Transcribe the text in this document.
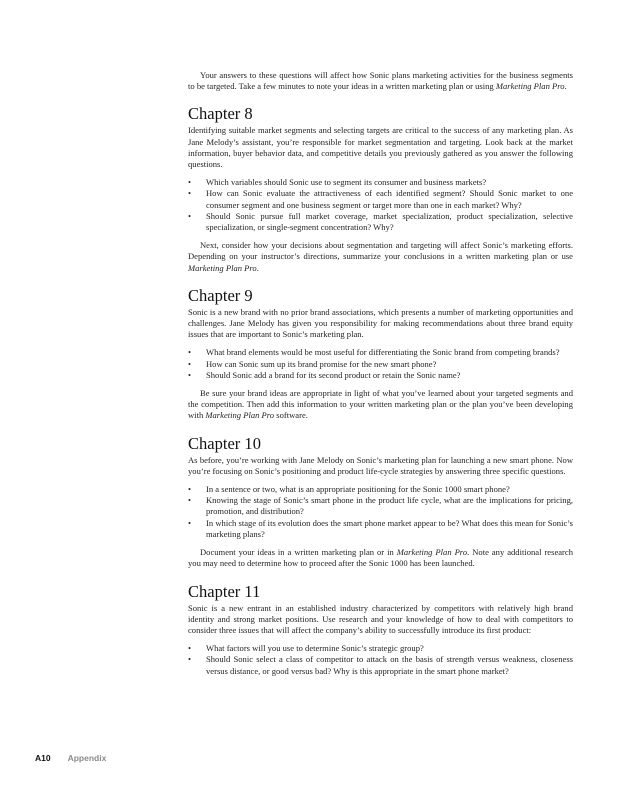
Your answers to these questions will affect how Sonic plans marketing activities for the business segments to be targeted. Take a few minutes to note your ideas in a written marketing plan or using Marketing Plan Pro.

Chapter 8

Identifying suitable market segments and selecting targets are critical to the success of any marketing plan. As Jane Melody’s assistant, you’re responsible for market segmentation and targeting. Look back at the market information, buyer behavior data, and competitive details you previously gathered as you answer the following questions.

• Which variables should Sonic use to segment its consumer and business markets?
• How can Sonic evaluate the attractiveness of each identified segment? Should Sonic market to one consumer segment and one business segment or target more than one in each market? Why?
• Should Sonic pursue full market coverage, market specialization, product specialization, selective specialization, or single-segment concentration? Why?

Next, consider how your decisions about segmentation and targeting will affect Sonic’s marketing efforts. Depending on your instructor’s directions, summarize your conclusions in a written marketing plan or use Marketing Plan Pro.

Chapter 9

Sonic is a new brand with no prior brand associations, which presents a number of marketing opportunities and challenges. Jane Melody has given you responsibility for making recommendations about three brand equity issues that are important to Sonic’s marketing plan.

• What brand elements would be most useful for differentiating the Sonic brand from competing brands?
• How can Sonic sum up its brand promise for the new smart phone?
• Should Sonic add a brand for its second product or retain the Sonic name?

Be sure your brand ideas are appropriate in light of what you’ve learned about your targeted segments and the competition. Then add this information to your written marketing plan or the plan you’ve been developing with Marketing Plan Pro software.

Chapter 10

As before, you’re working with Jane Melody on Sonic’s marketing plan for launching a new smart phone. Now you’re focusing on Sonic’s positioning and product life-cycle strategies by answering three specific questions.

• In a sentence or two, what is an appropriate positioning for the Sonic 1000 smart phone?
• Knowing the stage of Sonic’s smart phone in the product life cycle, what are the implications for pricing, promotion, and distribution?
• In which stage of its evolution does the smart phone market appear to be? What does this mean for Sonic’s marketing plans?

Document your ideas in a written marketing plan or in Marketing Plan Pro. Note any additional research you may need to determine how to proceed after the Sonic 1000 has been launched.

Chapter 11

Sonic is a new entrant in an established industry characterized by competitors with relatively high brand identity and strong market positions. Use research and your knowledge of how to deal with competitors to consider three issues that will affect the company’s ability to successfully introduce its first product:

• What factors will you use to determine Sonic’s strategic group?
• Should Sonic select a class of competitor to attack on the basis of strength versus weakness, closeness versus distance, or good versus bad? Why is this appropriate in the smart phone market?
A10 Appendix
